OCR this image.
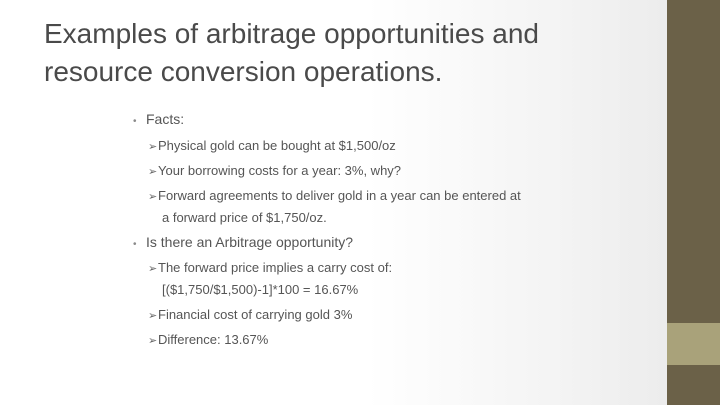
Examples of arbitrage opportunities and
resource conversion operations.
• Facts:
➢Physical gold can be bought at $1,500/oz
➢Your borrowing costs for a year: 3%, why?
➢Forward agreements to deliver gold in a year can be entered at
a forward price of $1,750/oz.
• Is there an Arbitrage opportunity?
➢The forward price implies a carry cost of:
[($1,750/$1,500)-1]*100 = 16.67%
➢Financial cost of carrying gold 3%
➢Difference: 13.67%
